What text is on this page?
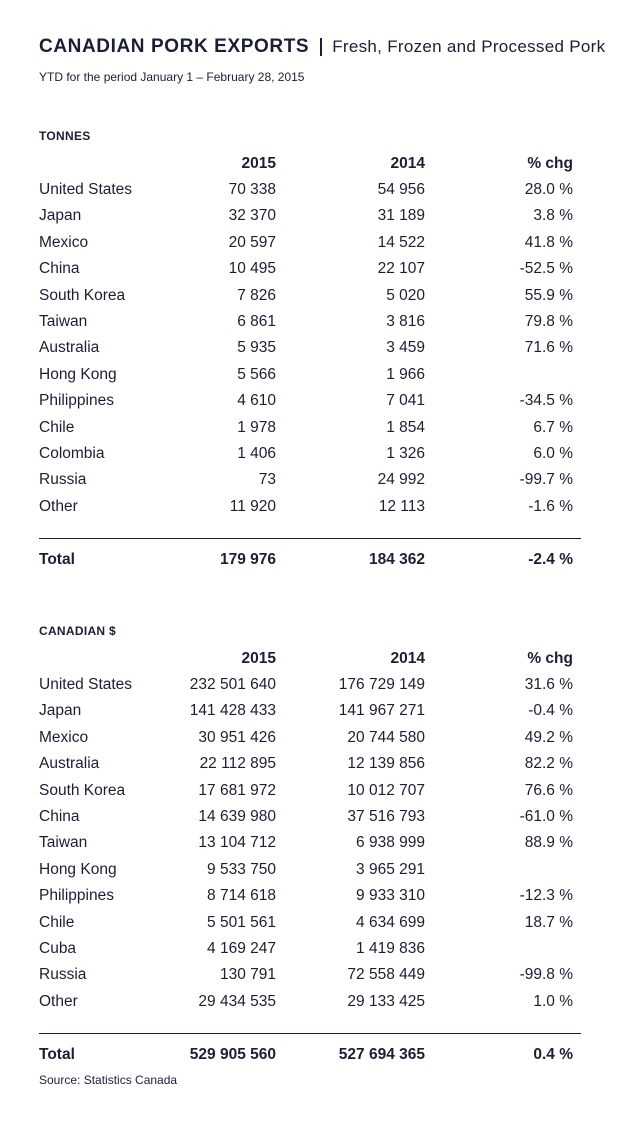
CANADIAN PORK EXPORTS Fresh, Frozen and Processed Pork
YTD for the period January 1 – February 28, 2015
TONNES
2015	2014	% chg
United States	70 338	54 956	28.0 %
Japan	32 370	31 189	3.8 %
Mexico	20 597	14 522	41.8 %
China	10 495	22 107	-52.5 %
South Korea	7 826	5 020	55.9 %
Taiwan	6 861	3 816	79.8 %
Australia	5 935	3 459	71.6 %
Hong Kong	5 566	1 966
Philippines	4 610	7 041	-34.5 %
Chile	1 978	1 854	6.7 %
Colombia	1 406	1 326	6.0 %
Russia	73	24 992	-99.7 %
Other	11 920	12 113	-1.6 %
Total	179 976	184 362	-2.4 %
CANADIAN $
2015	2014	% chg
United States	232 501 640	176 729 149	31.6 %
Japan	141 428 433	141 967 271	-0.4 %
Mexico	30 951 426	20 744 580	49.2 %
Australia	22 112 895	12 139 856	82.2 %
South Korea	17 681 972	10 012 707	76.6 %
China	14 639 980	37 516 793	-61.0 %
Taiwan	13 104 712	6 938 999	88.9 %
Hong Kong	9 533 750	3 965 291
Philippines	8 714 618	9 933 310	-12.3 %
Chile	5 501 561	4 634 699	18.7 %
Cuba	4 169 247	1 419 836
Russia	130 791	72 558 449	-99.8 %
Other	29 434 535	29 133 425	1.0 %
Total	529 905 560	527 694 365	0.4 %
Source: Statistics Canada
